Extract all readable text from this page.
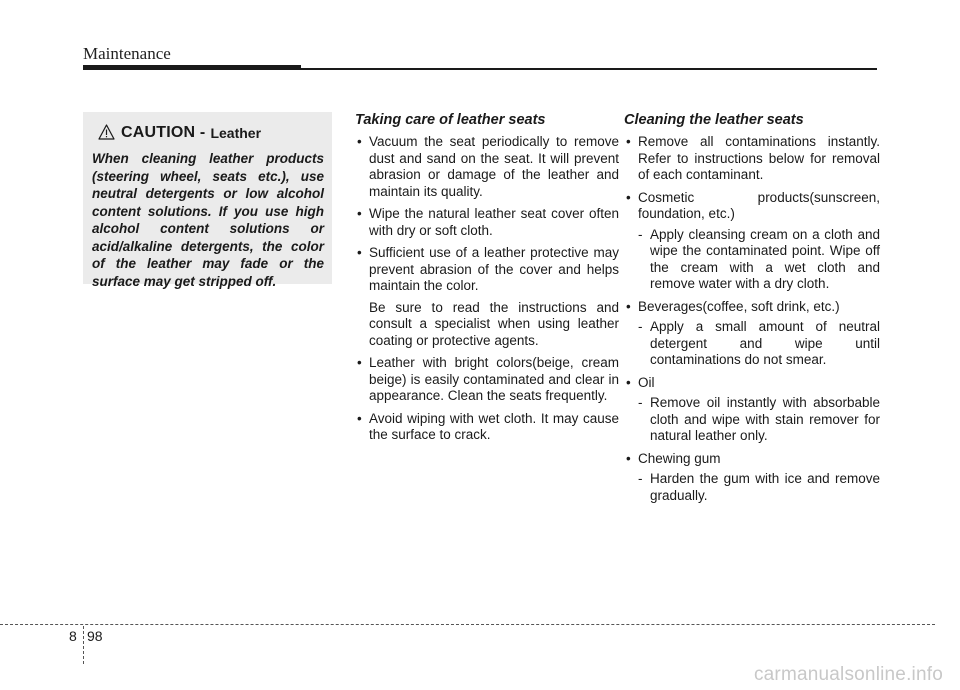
Maintenance
CAUTION - Leather
When cleaning leather products (steering wheel, seats etc.), use neutral detergents or low alcohol content solutions. If you use high alcohol content solutions or acid/alkaline detergents, the color of the leather may fade or the surface may get stripped off.
Taking care of leather seats
• Vacuum the seat periodically to remove dust and sand on the seat. It will prevent abrasion or damage of the leather and maintain its quality.
• Wipe the natural leather seat cover often with dry or soft cloth.
• Sufficient use of a leather protective may prevent abrasion of the cover and helps maintain the color.
Be sure to read the instructions and consult a specialist when using leather coating or protective agents.
• Leather with bright colors(beige, cream beige) is easily contaminated and clear in appearance. Clean the seats frequently.
• Avoid wiping with wet cloth. It may cause the surface to crack.
Cleaning the leather seats
• Remove all contaminations instantly. Refer to instructions below for removal of each contaminant.
• Cosmetic products(sunscreen, foundation, etc.)
- Apply cleansing cream on a cloth and wipe the contaminated point. Wipe off the cream with a wet cloth and remove water with a dry cloth.
• Beverages(coffee, soft drink, etc.)
- Apply a small amount of neutral detergent and wipe until contaminations do not smear.
• Oil
- Remove oil instantly with absorbable cloth and wipe with stain remover for natural leather only.
• Chewing gum
- Harden the gum with ice and remove gradually.
8 98
carmanualsonline.info
